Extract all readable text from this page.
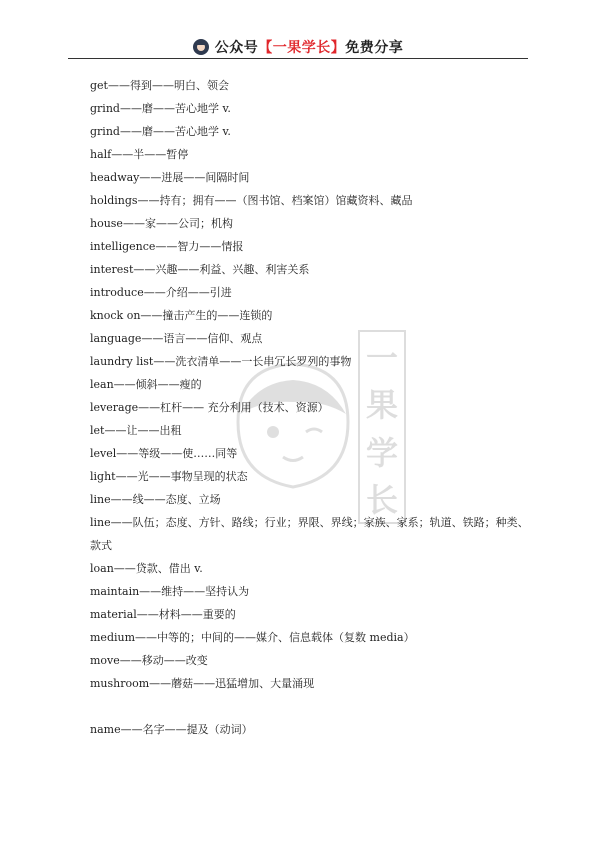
公众号【一果学长】免费分享
一
果
学
长
get——得到——明白、领会
grind——磨——苦心地学 v.
grind——磨——苦心地学 v.
half——半——暂停
headway——进展——间隔时间
holdings——持有；拥有——（图书馆、档案馆）馆藏资料、藏品
house——家——公司；机构
intelligence——智力——情报
interest——兴趣——利益、兴趣、利害关系
introduce——介绍——引进
knock on——撞击产生的——连锁的
language——语言——信仰、观点
laundry list——洗衣清单——一长串冗长罗列的事物
lean——倾斜——瘦的
leverage——杠杆—— 充分利用（技术、资源）
let——让——出租
level——等级——使……同等
light——光——事物呈现的状态
line——线——态度、立场
line——队伍；态度、方针、路线；行业；界限、界线；家族、家系；轨道、铁路；种类、款式
loan——贷款、借出 v.
maintain——维持——坚持认为
material——材料——重要的
medium——中等的；中间的——媒介、信息载体（复数 media）
move——移动——改变
mushroom——蘑菇——迅猛增加、大量涌现
name——名字——提及（动词）
